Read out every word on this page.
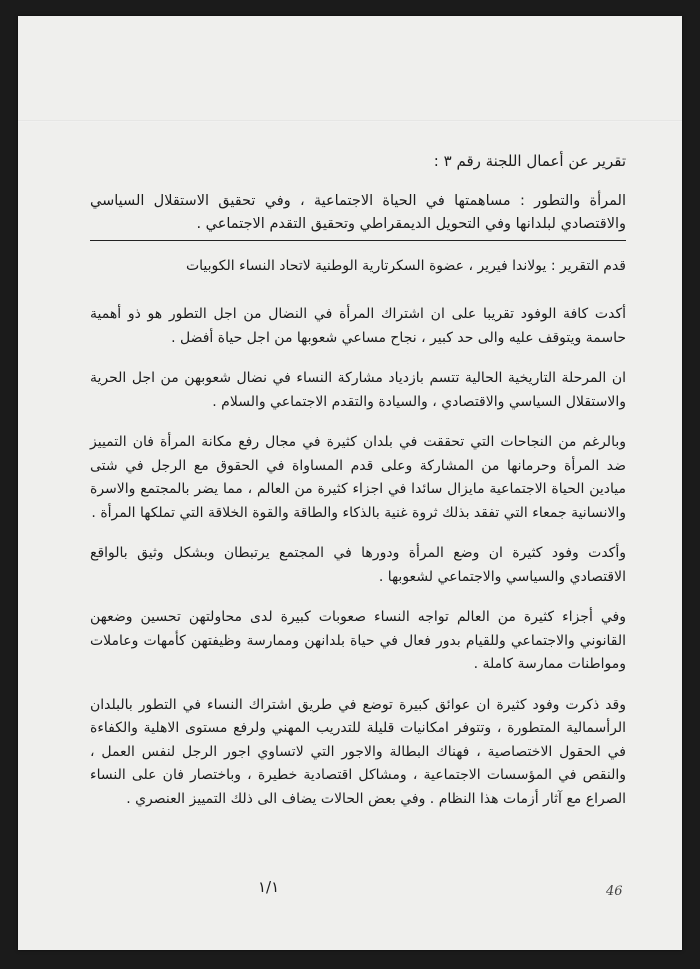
تقرير عن أعمال اللجنة رقم ٣ :

المرأة والتطور : مساهمتها في الحياة الاجتماعية ، وفي تحقيق الاستقلال السياسي والاقتصادي لبلدانها وفي التحويل الديمقراطي وتحقيق التقدم الاجتماعي .

قدم التقرير : يولاندا فيرير ، عضوة السكرتارية الوطنية لاتحاد النساء الكوبيات

أكدت كافة الوفود تقريبا على ان اشتراك المرأة في النضال من اجل التطور هو ذو أهمية حاسمة ويتوقف عليه والى حد كبير ، نجاح مساعي شعوبها من اجل حياة أفضل .

ان المرحلة التاريخية الحالية تتسم بازدياد مشاركة النساء في نضال شعوبهن من اجل الحرية والاستقلال السياسي والاقتصادي ، والسيادة والتقدم الاجتماعي والسلام .

وبالرغم من النجاحات التي تحققت في بلدان كثيرة في مجال رفع مكانة المرأة فان التمييز ضد المرأة وحرمانها من المشاركة وعلى قدم المساواة في الحقوق مع الرجل في شتى ميادين الحياة الاجتماعية مايزال سائدا في اجزاء كثيرة من العالم ، مما يضر بالمجتمع والاسرة والانسانية جمعاء التي تفقد بذلك ثروة غنية بالذكاء والطاقة والقوة الخلاقة التي تملكها المرأة .

وأكدت وفود كثيرة ان وضع المرأة ودورها في المجتمع يرتبطان وبشكل وثيق بالواقع الاقتصادي والسياسي والاجتماعي لشعوبها .

وفي أجزاء كثيرة من العالم تواجه النساء صعوبات كبيرة لدى محاولتهن تحسين وضعهن القانوني والاجتماعي وللقيام بدور فعال في حياة بلدانهن وممارسة وظيفتهن كأمهات وعاملات ومواطنات ممارسة كاملة .

وقد ذكرت وفود كثيرة ان عوائق كبيرة توضع في طريق اشتراك النساء في التطور بالبلدان الرأسمالية المتطورة ، وتتوفر امكانيات قليلة للتدريب المهني ولرفع مستوى الاهلية والكفاءة في الحقول الاختصاصية ، فهناك البطالة والاجور التي لاتساوي اجور الرجل لنفس العمل ، والنقص في المؤسسات الاجتماعية ، ومشاكل اقتصادية خطيرة ، وباختصار فان على النساء الصراع مع آثار أزمات هذا النظام . وفي بعض الحالات يضاف الى ذلك التمييز العنصري .

١/١	46
